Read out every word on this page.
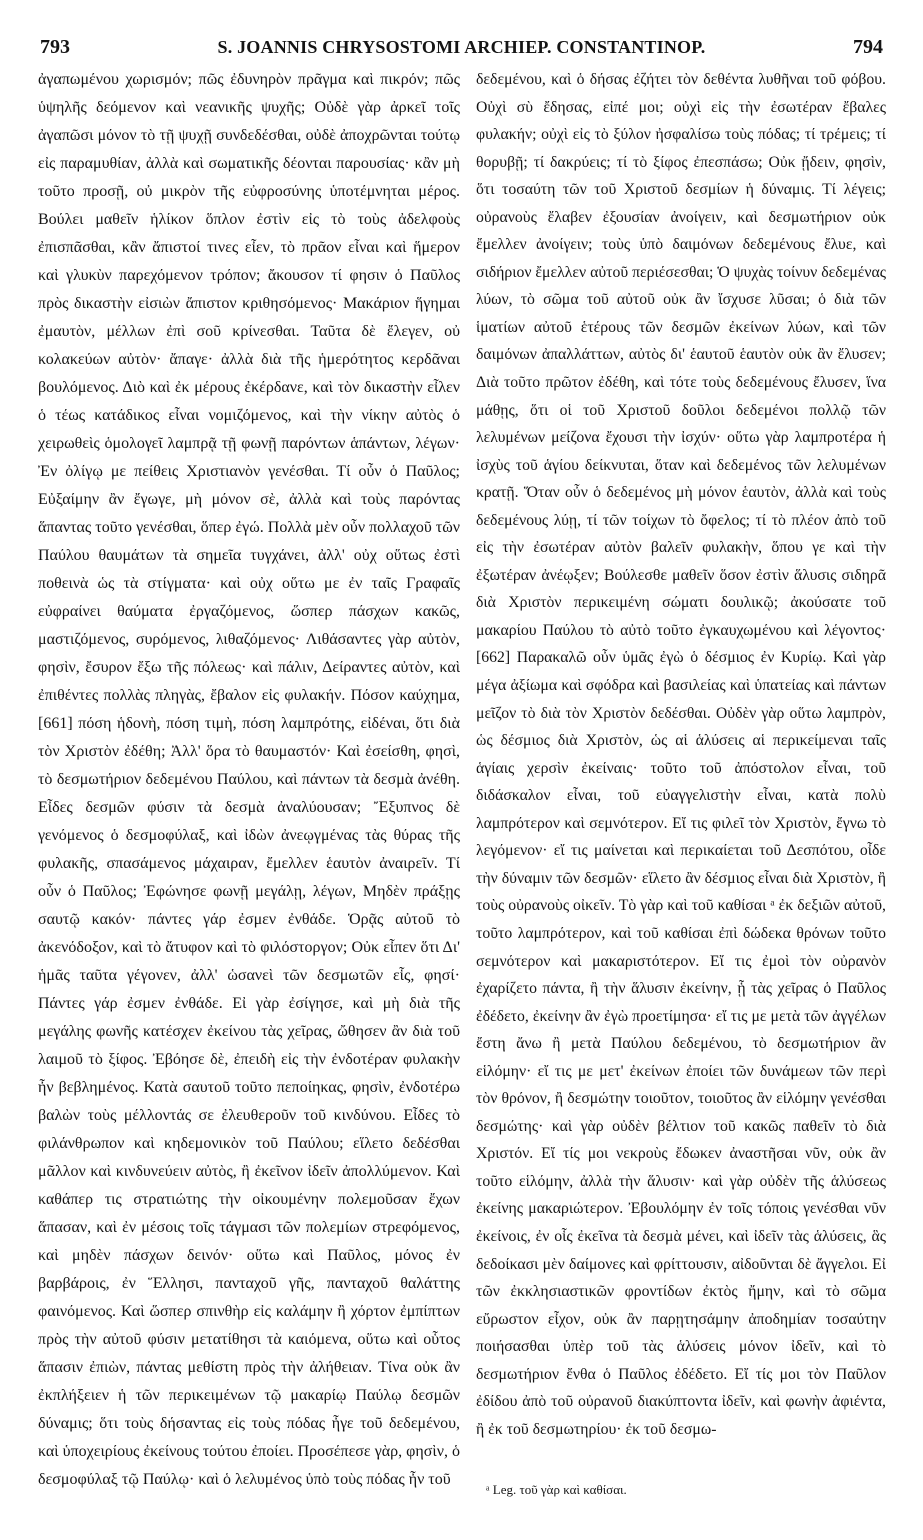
793	S. JOANNIS CHRYSOSTOMI ARCHIEP. CONSTANTINOP.	794

ἀγαπωμένου χωρισμόν; πῶς ἐδυνηρὸν πρᾶγμα καὶ πικρόν; πῶς ὑψηλῆς δεόμενον καὶ νεανικῆς ψυχῆς; Οὐδὲ γὰρ ἀρκεῖ τοῖς ἀγαπῶσι μόνον τὸ τῇ ψυχῇ συνδεδέσθαι, οὐδὲ ἀποχρῶνται τούτῳ εἰς παραμυθίαν, ἀλλὰ καὶ σωματικῆς δέονται παρουσίας· κἂν μὴ τοῦτο προσῇ, οὐ μικρὸν τῆς εὐφροσύνης ὑποτέμνηται μέρος. Βούλει μαθεῖν ἡλίκον ὅπλον ἐστὶν εἰς τὸ τοὺς ἀδελφοὺς ἐπισπᾶσθαι, κἂν ἄπιστοί τινες εἶεν, τὸ πρᾶον εἶναι καὶ ἥμερον καὶ γλυκὺν παρεχόμενον τρόπον; ἄκουσον τί φησιν ὁ Παῦλος πρὸς δικαστὴν εἰσιὼν ἄπιστον κριθησόμενος· Μακάριον ἥγημαι ἐμαυτὸν, μέλλων ἐπὶ σοῦ κρίνεσθαι. Ταῦτα δὲ ἔλεγεν, οὐ κολακεύων αὐτὸν· ἄπαγε· ἀλλὰ διὰ τῆς ἡμερότητος κερδᾶναι βουλόμενος. Διὸ καὶ ἐκ μέρους ἐκέρδανε, καὶ τὸν δικαστὴν εἶλεν ὁ τέως κατάδικος εἶναι νομιζόμενος, καὶ τὴν νίκην αὐτὸς ὁ χειρωθεὶς ὁμολογεῖ λαμπρᾷ τῇ φωνῇ παρόντων ἁπάντων, λέγων· Ἐν ὀλίγῳ με πείθεις Χριστιανὸν γενέσθαι. Τί οὖν ὁ Παῦλος; Εὐξαίμην ἂν ἔγωγε, μὴ μόνον σὲ, ἀλλὰ καὶ τοὺς παρόντας ἅπαντας τοῦτο γενέσθαι, ὅπερ ἐγώ. Πολλὰ μὲν οὖν πολλαχοῦ τῶν Παύλου θαυμάτων τὰ σημεῖα τυγχάνει, ἀλλ' οὐχ οὕτως ἐστὶ ποθεινὰ ὡς τὰ στίγματα· καὶ οὐχ οὕτω με ἐν ταῖς Γραφαῖς εὐφραίνει θαύματα ἐργαζόμενος, ὥσπερ πάσχων κακῶς, μαστιζόμενος, συρόμενος, λιθαζόμενος· Λιθάσαντες γὰρ αὐτὸν, φησὶν, ἔσυρον ἔξω τῆς πόλεως· καὶ πάλιν, Δείραντες αὐτὸν, καὶ ἐπιθέντες πολλὰς πληγὰς, ἔβαλον εἰς φυλακήν. Πόσον καύχημα, [661] πόση ἡδονὴ, πόση τιμὴ, πόση λαμπρότης, εἰδέναι, ὅτι διὰ τὸν Χριστὸν ἐδέθη; Ἀλλ' ὅρα τὸ θαυμαστόν· Καὶ ἐσείσθη, φησὶ, τὸ δεσμωτήριον δεδεμένου Παύλου, καὶ πάντων τὰ δεσμὰ ἀνέθη. Εἶδες δεσμῶν φύσιν τὰ δεσμὰ ἀναλύουσαν; Ἔξυπνος δὲ γενόμενος ὁ δεσμοφύλαξ, καὶ ἰδὼν ἀνεῳγμένας τὰς θύρας τῆς φυλακῆς, σπασάμενος μάχαιραν, ἔμελλεν ἑαυτὸν ἀναιρεῖν. Τί οὖν ὁ Παῦλος; Ἐφώνησε φωνῇ μεγάλῃ, λέγων, Μηδὲν πράξῃς σαυτῷ κακόν· πάντες γάρ ἐσμεν ἐνθάδε. Ὁρᾷς αὐτοῦ τὸ ἀκενόδοξον, καὶ τὸ ἄτυφον καὶ τὸ φιλόστοργον; Οὐκ εἶπεν ὅτι Δι' ἡμᾶς ταῦτα γέγονεν, ἀλλ' ὡσανεὶ τῶν δεσμωτῶν εἷς, φησί· Πάντες γάρ ἐσμεν ἐνθάδε. Εἰ γὰρ ἐσίγησε, καὶ μὴ διὰ τῆς μεγάλης φωνῆς κατέσχεν ἐκείνου τὰς χεῖρας, ὤθησεν ἂν διὰ τοῦ λαιμοῦ τὸ ξίφος. Ἐβόησε δὲ, ἐπειδὴ εἰς τὴν ἐνδοτέραν φυλακὴν ἦν βεβλημένος. Κατὰ σαυτοῦ τοῦτο πεποίηκας, φησὶν, ἐνδοτέρω βαλὼν τοὺς μέλλοντάς σε ἐλευθεροῦν τοῦ κινδύνου. Εἶδες τὸ φιλάνθρωπον καὶ κηδεμονικὸν τοῦ Παύλου; εἵλετο δεδέσθαι μᾶλλον καὶ κινδυνεύειν αὐτὸς, ἢ ἐκεῖνον ἰδεῖν ἀπολλύμενον. Καὶ καθάπερ τις στρατιώτης τὴν οἰκουμένην πολεμοῦσαν ἔχων ἅπασαν, καὶ ἐν μέσοις τοῖς τάγμασι τῶν πολεμίων στρεφόμενος, καὶ μηδὲν πάσχων δεινόν· οὕτω καὶ Παῦλος, μόνος ἐν βαρβάροις, ἐν Ἕλλησι, πανταχοῦ γῆς, πανταχοῦ θαλάττης φαινόμενος. Καὶ ὥσπερ σπινθὴρ εἰς καλάμην ἢ χόρτον ἐμπίπτων πρὸς τὴν αὐτοῦ φύσιν μετατίθησι τὰ καιόμενα, οὕτω καὶ οὗτος ἅπασιν ἐπιὼν, πάντας μεθίστη πρὸς τὴν ἀλήθειαν. Τίνα οὐκ ἂν ἐκπλήξειεν ἡ τῶν περικειμένων τῷ μακαρίῳ Παύλῳ δεσμῶν δύναμις; ὅτι τοὺς δήσαντας εἰς τοὺς πόδας ἦγε τοῦ δεδεμένου, καὶ ὑποχειρίους ἐκείνους τούτου ἐποίει. Προσέπεσε γὰρ, φησὶν, ὁ δεσμοφύλαξ τῷ Παύλῳ· καὶ ὁ λελυμένος ὑπὸ τοὺς πόδας ἦν τοῦ

δεδεμένου, καὶ ὁ δήσας ἐζήτει τὸν δεθέντα λυθῆναι τοῦ φόβου. Οὐχὶ σὺ ἔδησας, εἰπέ μοι; οὐχὶ εἰς τὴν ἐσωτέραν ἔβαλες φυλακήν; οὐχὶ εἰς τὸ ξύλον ἠσφαλίσω τοὺς πόδας; τί τρέμεις; τί θορυβῇ; τί δακρύεις; τί τὸ ξίφος ἐπεσπάσω; Οὐκ ᾔδειν, φησὶν, ὅτι τοσαύτη τῶν τοῦ Χριστοῦ δεσμίων ἡ δύναμις. Τί λέγεις; οὐρανοὺς ἔλαβεν ἐξουσίαν ἀνοίγειν, καὶ δεσμωτήριον οὐκ ἔμελλεν ἀνοίγειν; τοὺς ὑπὸ δαιμόνων δεδεμένους ἔλυε, καὶ σιδήριον ἔμελλεν αὐτοῦ περιέσεσθαι; Ὁ ψυχὰς τοίνυν δεδεμένας λύων, τὸ σῶμα τοῦ αὐτοῦ οὐκ ἂν ἴσχυσε λῦσαι; ὁ διὰ τῶν ἱματίων αὐτοῦ ἑτέρους τῶν δεσμῶν ἐκείνων λύων, καὶ τῶν δαιμόνων ἀπαλλάττων, αὐτὸς δι' ἑαυτοῦ ἑαυτὸν οὐκ ἂν ἔλυσεν; Διὰ τοῦτο πρῶτον ἐδέθη, καὶ τότε τοὺς δεδεμένους ἔλυσεν, ἵνα μάθῃς, ὅτι οἱ τοῦ Χριστοῦ δοῦλοι δεδεμένοι πολλῷ τῶν λελυμένων μείζονα ἔχουσι τὴν ἰσχύν· οὕτω γὰρ λαμπροτέρα ἡ ἰσχὺς τοῦ ἁγίου δείκνυται, ὅταν καὶ δεδεμένος τῶν λελυμένων κρατῇ. Ὅταν οὖν ὁ δεδεμένος μὴ μόνον ἑαυτὸν, ἀλλὰ καὶ τοὺς δεδεμένους λύῃ, τί τῶν τοίχων τὸ ὄφελος; τί τὸ πλέον ἀπὸ τοῦ εἰς τὴν ἐσωτέραν αὐτὸν βαλεῖν φυλακὴν, ὅπου γε καὶ τὴν ἐξωτέραν ἀνέῳξεν; Βούλεσθε μαθεῖν ὅσον ἐστὶν ἅλυσις σιδηρᾶ διὰ Χριστὸν περικειμένη σώματι δουλικῷ; ἀκούσατε τοῦ μακαρίου Παύλου τὸ αὐτὸ τοῦτο ἐγκαυχωμένου καὶ λέγοντος· [662] Παρακαλῶ οὖν ὑμᾶς ἐγὼ ὁ δέσμιος ἐν Κυρίῳ. Καὶ γὰρ μέγα ἀξίωμα καὶ σφόδρα καὶ βασιλείας καὶ ὑπατείας καὶ πάντων μεῖζον τὸ διὰ τὸν Χριστὸν δεδέσθαι. Οὐδὲν γὰρ οὕτω λαμπρὸν, ὡς δέσμιος διὰ Χριστὸν, ὡς αἱ ἁλύσεις αἱ περικείμεναι ταῖς ἁγίαις χερσὶν ἐκείναις· τοῦτο τοῦ ἀπόστολον εἶναι, τοῦ διδάσκαλον εἶναι, τοῦ εὐαγγελιστὴν εἶναι, κατὰ πολὺ λαμπρότερον καὶ σεμνότερον. Εἴ τις φιλεῖ τὸν Χριστὸν, ἔγνω τὸ λεγόμενον· εἴ τις μαίνεται καὶ περικαίεται τοῦ Δεσπότου, οἶδε τὴν δύναμιν τῶν δεσμῶν· εἵλετο ἂν δέσμιος εἶναι διὰ Χριστὸν, ἢ τοὺς οὐρανοὺς οἰκεῖν. Τὸ γὰρ καὶ τοῦ καθίσαι ᵃ ἐκ δεξιῶν αὐτοῦ, τοῦτο λαμπρότερον, καὶ τοῦ καθίσαι ἐπὶ δώδεκα θρόνων τοῦτο σεμνότερον καὶ μακαριστότερον. Εἴ τις ἐμοὶ τὸν οὐρανὸν ἐχαρίζετο πάντα, ἢ τὴν ἅλυσιν ἐκείνην, ᾗ τὰς χεῖρας ὁ Παῦλος ἐδέδετο, ἐκείνην ἂν ἐγὼ προετίμησα· εἴ τις με μετὰ τῶν ἀγγέλων ἔστη ἄνω ἢ μετὰ Παύλου δεδεμένου, τὸ δεσμωτήριον ἂν εἱλόμην· εἴ τις με μετ' ἐκείνων ἐποίει τῶν δυνάμεων τῶν περὶ τὸν θρόνον, ἢ δεσμώτην τοιοῦτον, τοιοῦτος ἂν εἱλόμην γενέσθαι δεσμώτης· καὶ γὰρ οὐδὲν βέλτιον τοῦ κακῶς παθεῖν τὸ διὰ Χριστόν. Εἴ τίς μοι νεκροὺς ἔδωκεν ἀναστῆσαι νῦν, οὐκ ἂν τοῦτο εἱλόμην, ἀλλὰ τὴν ἅλυσιν· καὶ γὰρ οὐδὲν τῆς ἁλύσεως ἐκείνης μακαριώτερον. Ἐβουλόμην ἐν τοῖς τόποις γενέσθαι νῦν ἐκείνοις, ἐν οἷς ἐκεῖνα τὰ δεσμὰ μένει, καὶ ἰδεῖν τὰς ἁλύσεις, ἃς δεδοίκασι μὲν δαίμονες καὶ φρίττουσιν, αἰδοῦνται δὲ ἄγγελοι. Εἰ τῶν ἐκκλησιαστικῶν φροντίδων ἐκτὸς ἤμην, καὶ τὸ σῶμα εὔρωστον εἶχον, οὐκ ἂν παρῃτησάμην ἀποδημίαν τοσαύτην ποιήσασθαι ὑπὲρ τοῦ τὰς ἁλύσεις μόνον ἰδεῖν, καὶ τὸ δεσμωτήριον ἔνθα ὁ Παῦλος ἐδέδετο. Εἴ τίς μοι τὸν Παῦλον ἐδίδου ἀπὸ τοῦ οὐρανοῦ διακύπτοντα ἰδεῖν, καὶ φωνὴν ἀφιέντα, ἢ ἐκ τοῦ δεσμωτηρίου· ἐκ τοῦ δεσμω-

ᵃ Leg. τοῦ γὰρ καὶ καθίσαι.
